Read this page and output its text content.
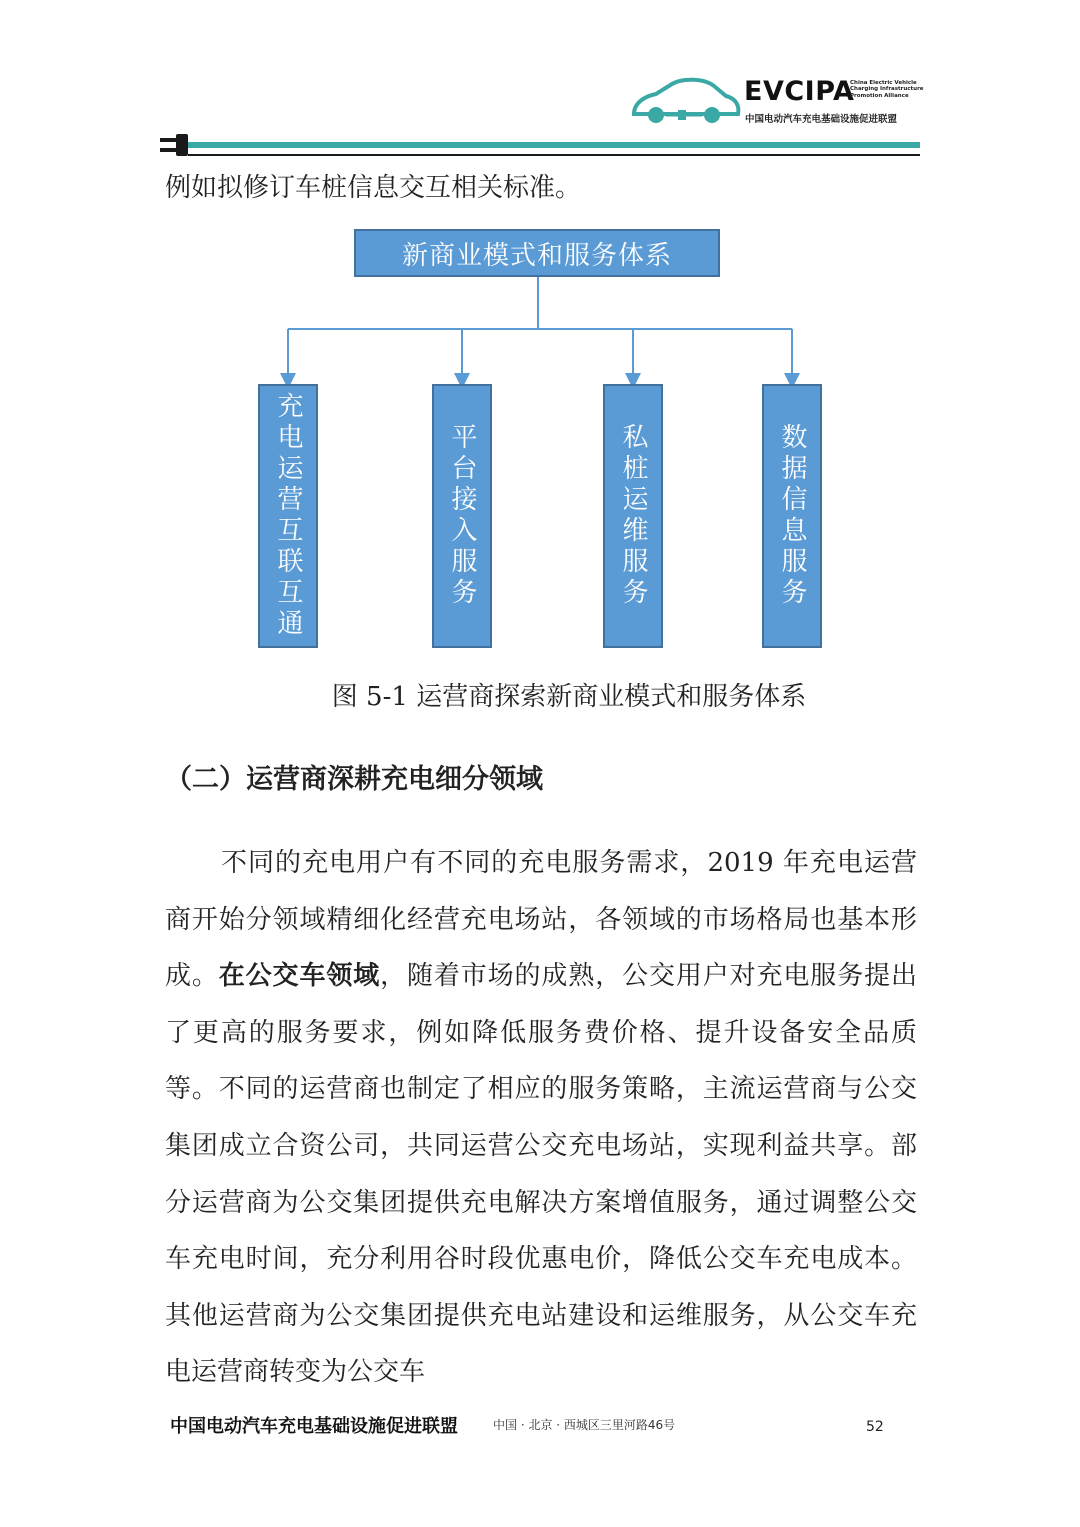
EVCIPA
China Electric Vehicle
Charging Infrastructure
Promotion Alliance
中国电动汽车充电基础设施促进联盟
例如拟修订车桩信息交互相关标准。
新商业模式和服务体系
充电运营互联互通	平台接入服务	私桩运维服务	数据信息服务
图 5-1 运营商探索新商业模式和服务体系
（二）运营商深耕充电细分领域
不同的充电用户有不同的充电服务需求，2019 年充电运营商开始分领域精细化经营充电场站，各领域的市场格局也基本形成。在公交车领域，随着市场的成熟，公交用户对充电服务提出了更高的服务要求，例如降低服务费价格、提升设备安全品质等。不同的运营商也制定了相应的服务策略，主流运营商与公交集团成立合资公司，共同运营公交充电场站，实现利益共享。部分运营商为公交集团提供充电解决方案增值服务，通过调整公交车充电时间，充分利用谷时段优惠电价，降低公交车充电成本。其他运营商为公交集团提供充电站建设和运维服务，从公交车充电运营商转变为公交车
中国电动汽车充电基础设施促进联盟	中国 · 北京 · 西城区三里河路46号	52
